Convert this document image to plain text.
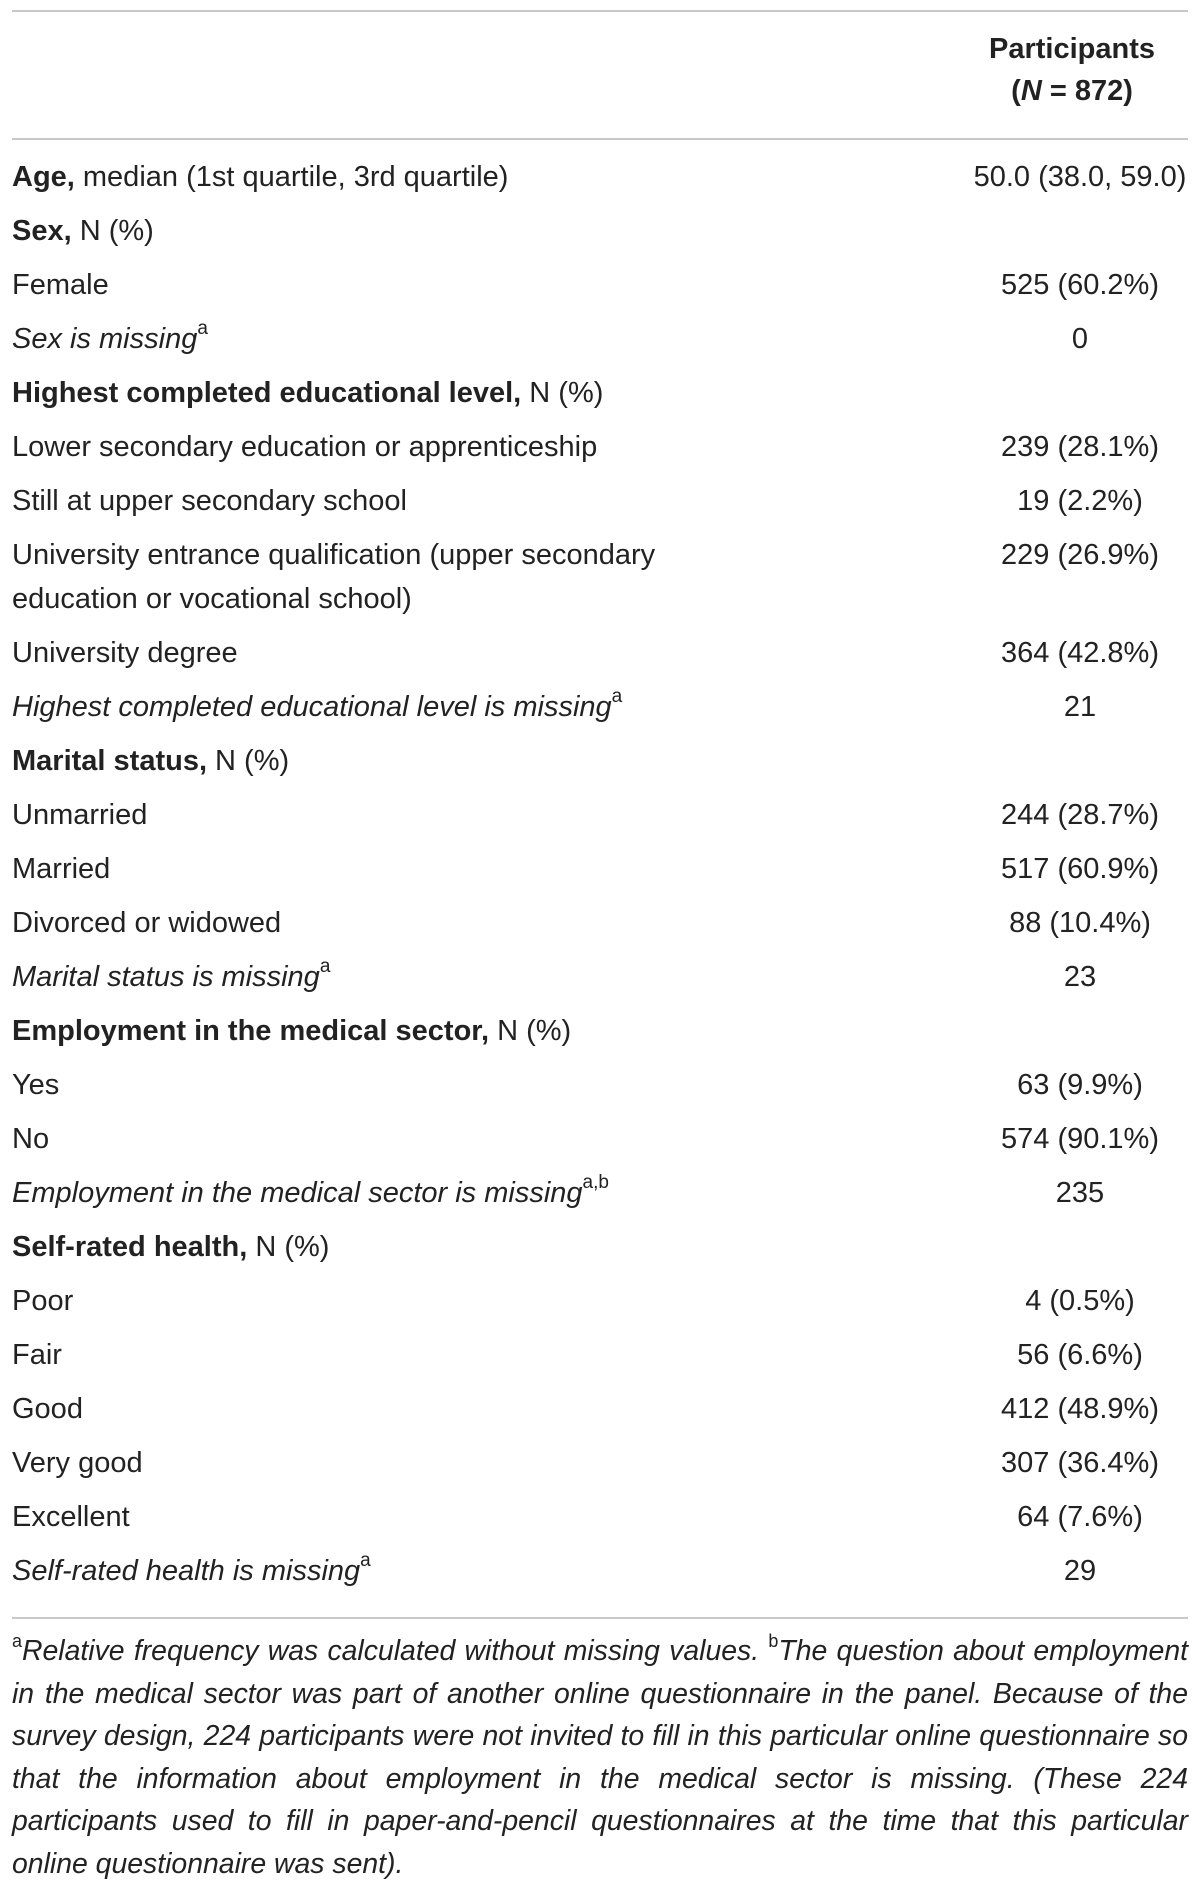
Participants
(N = 872)
Age, median (1st quartile, 3rd quartile)	50.0 (38.0, 59.0)
Sex, N (%)	
Female	525 (60.2%)
Sex is missing$^a$	0
Highest completed educational level, N (%)	
Lower secondary education or apprenticeship	239 (28.1%)
Still at upper secondary school	19 (2.2%)
University entrance qualification (upper secondary education or vocational school)	229 (26.9%)
University degree	364 (42.8%)
Highest completed educational level is missing$^a$	21
Marital status, N (%)	
Unmarried	244 (28.7%)
Married	517 (60.9%)
Divorced or widowed	88 (10.4%)
Marital status is missing$^a$	23
Employment in the medical sector, N (%)	
Yes	63 (9.9%)
No	574 (90.1%)
Employment in the medical sector is missing$^{a,b}$	235
Self-rated health, N (%)	
Poor	4 (0.5%)
Fair	56 (6.6%)
Good	412 (48.9%)
Very good	307 (36.4%)
Excellent	64 (7.6%)
Self-rated health is missing$^a$	29
$^a$Relative frequency was calculated without missing values. $^b$The question about employment in the medical sector was part of another online questionnaire in the panel. Because of the survey design, 224 participants were not invited to fill in this particular online questionnaire so that the information about employment in the medical sector is missing. (These 224 participants used to fill in paper-and-pencil questionnaires at the time that this particular online questionnaire was sent).
